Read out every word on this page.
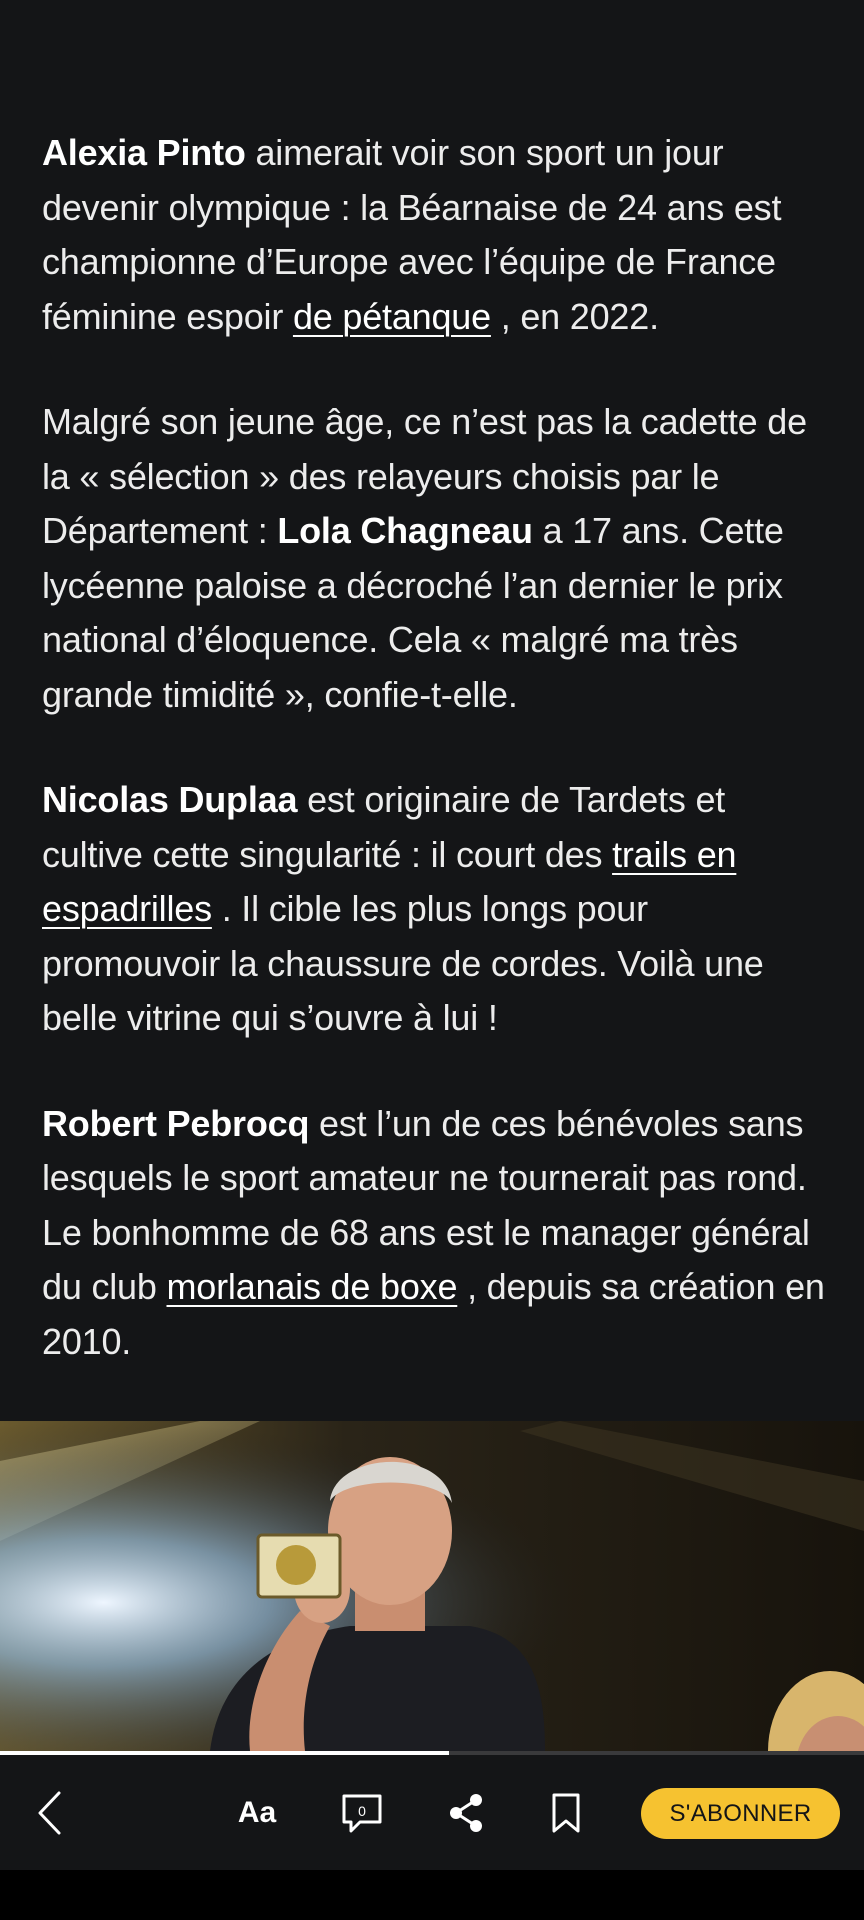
Alexia Pinto aimerait voir son sport un jour devenir olympique : la Béarnaise de 24 ans est championne d’Europe avec l’équipe de France féminine espoir de pétanque , en 2022.

Malgré son jeune âge, ce n’est pas la cadette de la « sélection » des relayeurs choisis par le Département : Lola Chagneau a 17 ans. Cette lycéenne paloise a décroché l’an dernier le prix national d’éloquence. Cela « malgré ma très grande timidité », confie-t-elle.

Nicolas Duplaa est originaire de Tardets et cultive cette singularité : il court des trails en espadrilles . Il cible les plus longs pour promouvoir la chaussure de cordes. Voilà une belle vitrine qui s’ouvre à lui !

Robert Pebrocq est l’un de ces bénévoles sans lesquels le sport amateur ne tournerait pas rond. Le bonhomme de 68 ans est le manager général du club morlanais de boxe , depuis sa création en 2010.

Aa	0	S'ABONNER
